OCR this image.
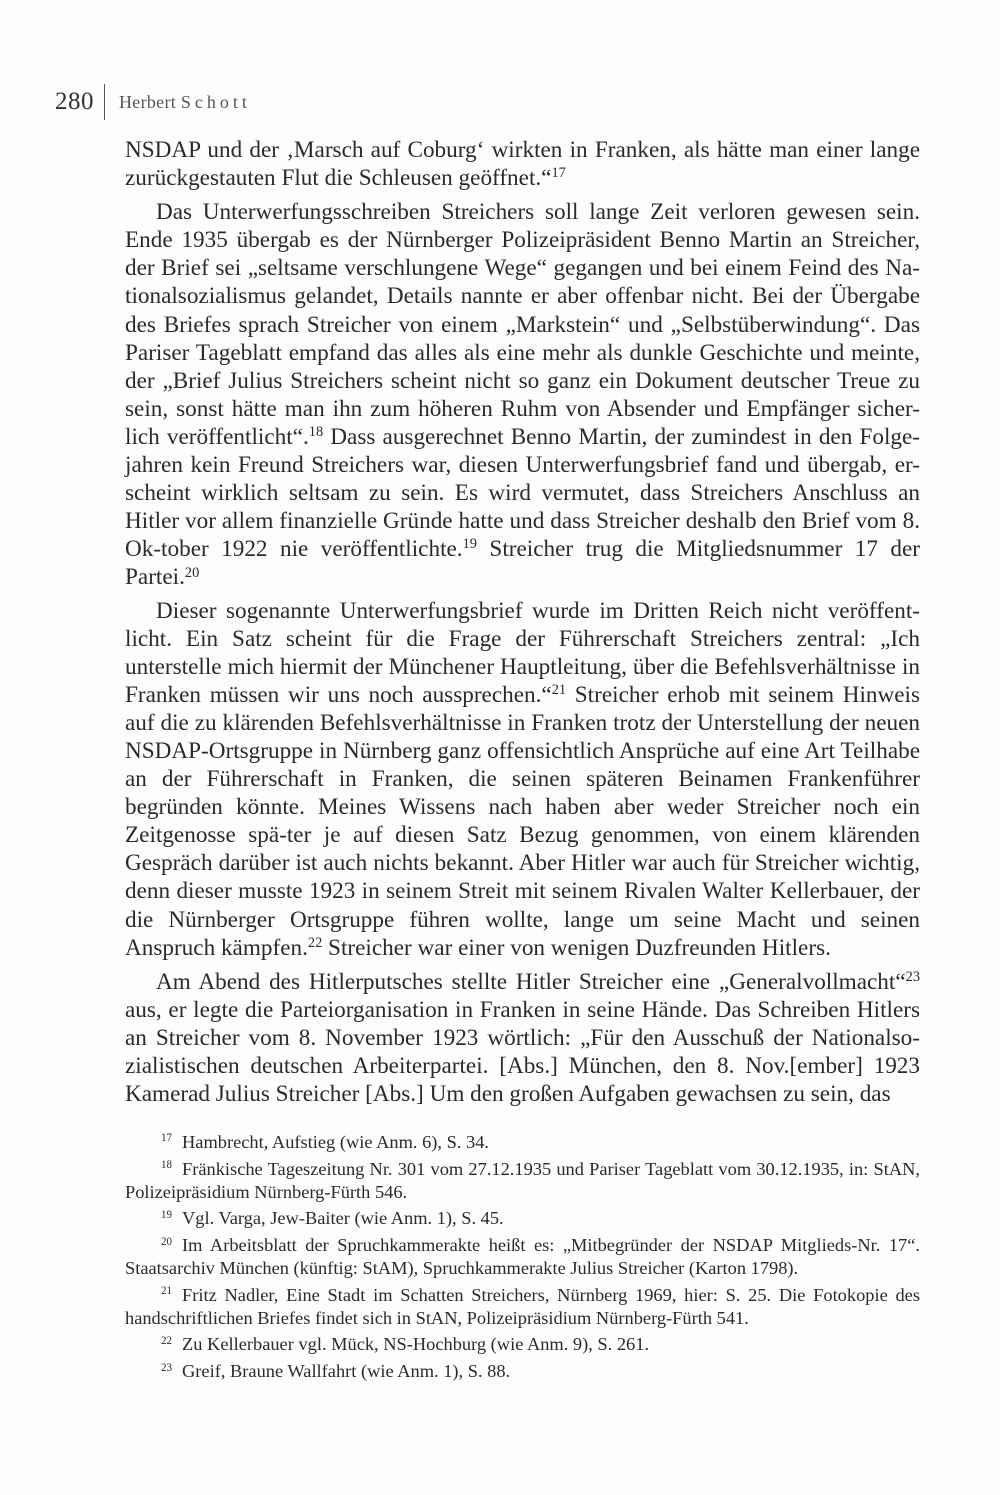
280 Herbert Schott

NSDAP und der ‚Marsch auf Coburg‘ wirkten in Franken, als hätte man einer lange zurückgestauten Flut die Schleusen geöffnet.“$^{17}$

Das Unterwerfungsschreiben Streichers soll lange Zeit verloren gewesen sein. Ende 1935 übergab es der Nürnberger Polizeipräsident Benno Martin an Streicher, der Brief sei „seltsame verschlungene Wege“ gegangen und bei einem Feind des Na-tionalsozialismus gelandet, Details nannte er aber offenbar nicht. Bei der Übergabe des Briefes sprach Streicher von einem „Markstein“ und „Selbstüberwindung“. Das Pariser Tageblatt empfand das alles als eine mehr als dunkle Geschichte und meinte, der „Brief Julius Streichers scheint nicht so ganz ein Dokument deutscher Treue zu sein, sonst hätte man ihn zum höheren Ruhm von Absender und Empfänger sicher-lich veröffentlicht“.$^{18}$ Dass ausgerechnet Benno Martin, der zumindest in den Folge-jahren kein Freund Streichers war, diesen Unterwerfungsbrief fand und übergab, er-scheint wirklich seltsam zu sein. Es wird vermutet, dass Streichers Anschluss an Hitler vor allem finanzielle Gründe hatte und dass Streicher deshalb den Brief vom 8. Ok-tober 1922 nie veröffentlichte.$^{19}$ Streicher trug die Mitgliedsnummer 17 der Partei.$^{20}$

Dieser sogenannte Unterwerfungsbrief wurde im Dritten Reich nicht veröffent-licht. Ein Satz scheint für die Frage der Führerschaft Streichers zentral: „Ich unterstelle mich hiermit der Münchener Hauptleitung, über die Befehlsverhältnisse in Franken müssen wir uns noch aussprechen.“$^{21}$ Streicher erhob mit seinem Hinweis auf die zu klärenden Befehlsverhältnisse in Franken trotz der Unterstellung der neuen NSDAP-Ortsgruppe in Nürnberg ganz offensichtlich Ansprüche auf eine Art Teilhabe an der Führerschaft in Franken, die seinen späteren Beinamen Frankenführer begründen könnte. Meines Wissens nach haben aber weder Streicher noch ein Zeitgenosse spä-ter je auf diesen Satz Bezug genommen, von einem klärenden Gespräch darüber ist auch nichts bekannt. Aber Hitler war auch für Streicher wichtig, denn dieser musste 1923 in seinem Streit mit seinem Rivalen Walter Kellerbauer, der die Nürnberger Ortsgruppe führen wollte, lange um seine Macht und seinen Anspruch kämpfen.$^{22}$ Streicher war einer von wenigen Duzfreunden Hitlers.

Am Abend des Hitlerputsches stellte Hitler Streicher eine „Generalvollmacht“$^{23}$ aus, er legte die Parteiorganisation in Franken in seine Hände. Das Schreiben Hitlers an Streicher vom 8. November 1923 wörtlich: „Für den Ausschuß der Nationalso-zialistischen deutschen Arbeiterpartei. [Abs.] München, den 8. Nov.[ember] 1923 Kamerad Julius Streicher [Abs.] Um den großen Aufgaben gewachsen zu sein, das

$^{17}$ Hambrecht, Aufstieg (wie Anm. 6), S. 34.

$^{18}$ Fränkische Tageszeitung Nr. 301 vom 27.12.1935 und Pariser Tageblatt vom 30.12.1935, in: StAN, Polizeipräsidium Nürnberg-Fürth 546.

$^{19}$ Vgl. Varga, Jew-Baiter (wie Anm. 1), S. 45.

$^{20}$ Im Arbeitsblatt der Spruchkammerakte heißt es: „Mitbegründer der NSDAP Mitglieds-Nr. 17“. Staatsarchiv München (künftig: StAM), Spruchkammerakte Julius Streicher (Karton 1798).

$^{21}$ Fritz Nadler, Eine Stadt im Schatten Streichers, Nürnberg 1969, hier: S. 25. Die Fotokopie des handschriftlichen Briefes findet sich in StAN, Polizeipräsidium Nürnberg-Fürth 541.

$^{22}$ Zu Kellerbauer vgl. Mück, NS-Hochburg (wie Anm. 9), S. 261.

$^{23}$ Greif, Braune Wallfahrt (wie Anm. 1), S. 88.
